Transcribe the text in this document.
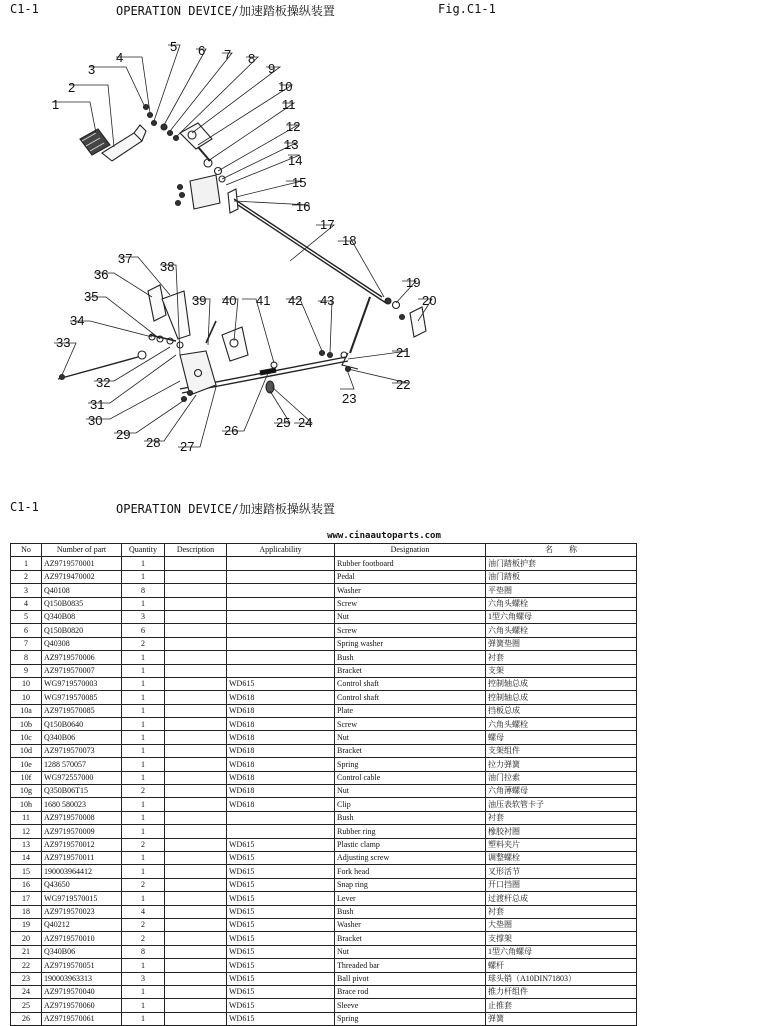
C1-1	OPERATION DEVICE/加速踏板操纵装置	Fig.C1-1
1
2
3
4
5 6 7 8
9
10
11
12
13
14
15
16
17
18
19
20
21
22
23
24
25
26
27
28
29
30
31
32
33
34
35
36
37
38
39 40 41 42 43
C1-1	OPERATION DEVICE/加速踏板操纵装置
www.cinaautoparts.com
No	Number of part	Quantity	Description	Applicability	Designation	名　　称
1	AZ9719570001	1			Rubber footboard	油门踏板护套
2	AZ9719470002	1			Pedal	油门踏板
3	Q40108	8			Washer	平垫圈
4	Q150B0835	1			Screw	六角头螺栓
5	Q340B08	3			Nut	1型六角螺母
6	Q150B0820	6			Screw	六角头螺栓
7	Q40308	2			Spring washer	弹簧垫圈
8	AZ9719570006	1			Bush	衬套
9	AZ9719570007	1			Bracket	支架
10	WG9719570003	1		WD615	Control shaft	控制轴总成
10	WG9719570085	1		WD618	Control shaft	控制轴总成
10a	AZ9719570085	1		WD618	Plate	挡板总成
10b	Q150B0640	1		WD618	Screw	六角头螺栓
10c	Q340B06	1		WD618	Nut	螺母
10d	AZ9719570073	1		WD618	Bracket	支架组件
10e	1288 570057	1		WD618	Spring	拉力弹簧
10f	WG972557000	1		WD618	Control cable	油门拉索
10g	Q350B06T15	2		WD618	Nut	六角薄螺母
10h	1680 580023	1		WD618	Clip	油压表软管卡子
11	AZ9719570008	1			Bush	衬套
12	AZ9719570009	1			Rubber ring	橡胶衬圈
13	AZ9719570012	2		WD615	Plastic clamp	塑料夹片
14	AZ9719570011	1		WD615	Adjusting screw	调整螺栓
15	190003964412	1		WD615	Fork head	叉形活节
16	Q43650	2		WD615	Snap ring	开口挡圈
17	WG9719570015	1		WD615	Lever	过渡杆总成
18	AZ9719570023	4		WD615	Bush	衬套
19	Q40212	2		WD615	Washer	大垫圈
20	AZ9719570010	2		WD615	Bracket	支撑架
21	Q340B06	8		WD615	Nut	1型六角螺母
22	AZ9719570051	1		WD615	Threaded bar	螺杆
23	190003963313	3		WD615	Ball pivot	球头销（A10DIN71803）
24	AZ9719570040	1		WD615	Brace rod	推力杆组件
25	AZ9719570060	1		WD615	Sleeve	止推套
26	AZ9719570061	1		WD615	Spring	弹簧
